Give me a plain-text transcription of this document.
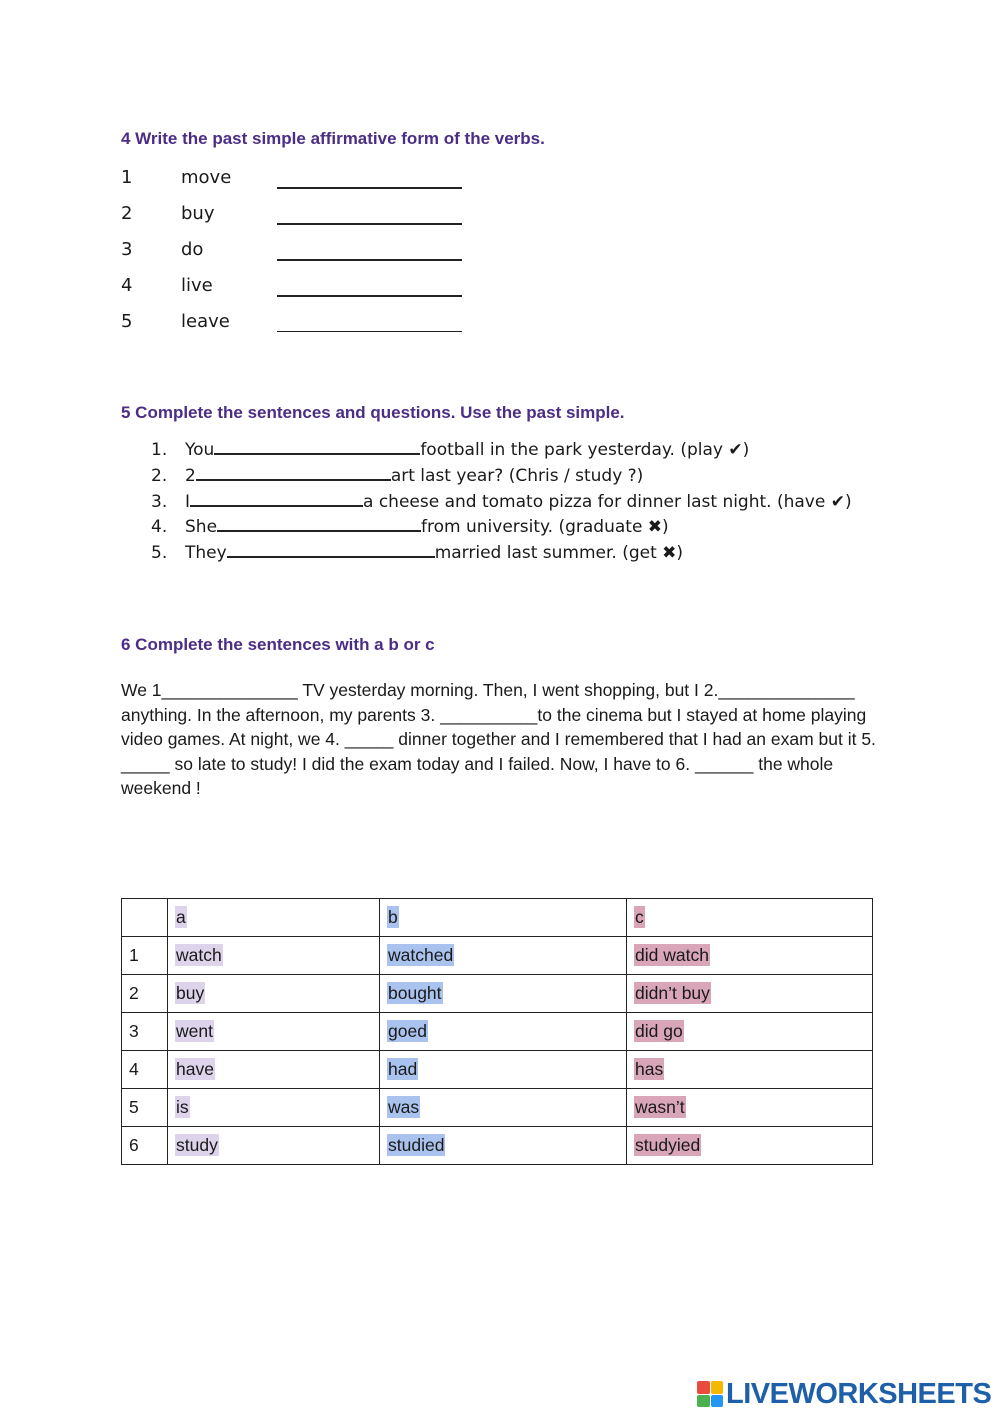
4 Write the past simple affirmative form of the verbs.
1	move
2	buy
3	do
4	live
5	leave
5 Complete the sentences and questions. Use the past simple.
1. You	football in the park yesterday. (play ✔)
2. 2	art last year? (Chris / study ?)
3. I	a cheese and tomato pizza for dinner last night. (have ✔)
4. She	from university. (graduate ✖)
5. They	married last summer. (get ✖)
6 Complete the sentences with a b or c
We 1______________ TV yesterday morning. Then, I went shopping, but I 2.______________ anything. In the afternoon, my parents 3. __________to the cinema but I stayed at home playing video games. At night, we 4. _____ dinner together and I remembered that I had an exam but it 5. _____ so late to study! I did the exam today and I failed. Now, I have to 6. ______ the whole weekend !
	a	b	c
1	watch	watched	did watch
2	buy	bought	didn’t buy
3	went	goed	did go
4	have	had	has
5	is	was	wasn’t
6	study	studied	studyied
LIVEWORKSHEETS
